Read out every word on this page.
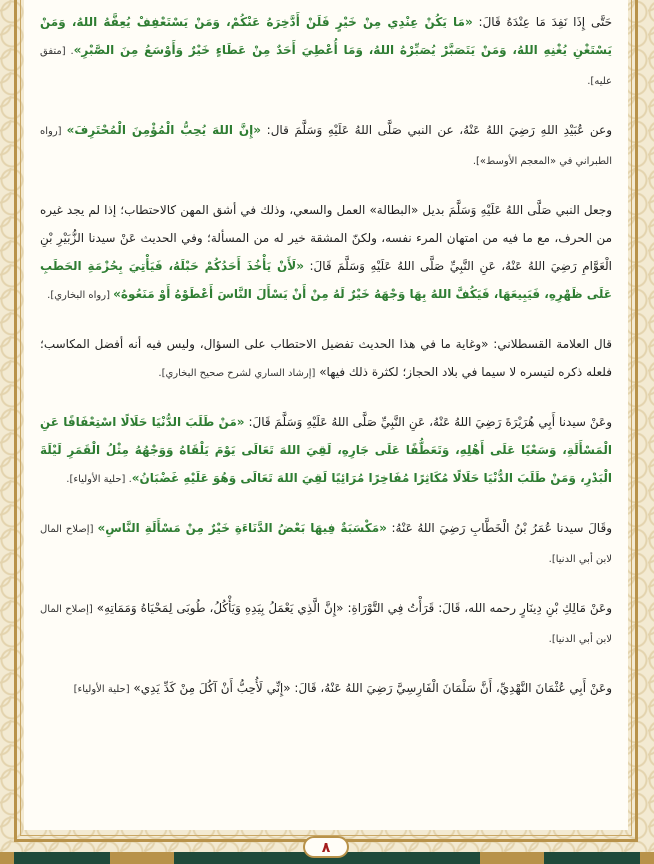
حَتَّى إِذَا نَفِدَ مَا عِنْدَهُ قَالَ: «مَا يَكُنْ عِنْدِي مِنْ خَيْرٍ فَلَنْ أَدَّخِرَهُ عَنْكُمْ، وَمَنْ يَسْتَعْفِفْ يُعِفَّهُ اللهُ، وَمَنْ يَسْتَغْنِ يُغْنِهِ اللهُ، وَمَنْ يَتَصَبَّرْ يُصَبِّرْهُ اللهُ، وَمَا أُعْطِيَ أَحَدٌ مِنْ عَطَاءٍ خَيْرٌ وَأَوْسَعُ مِنَ الصَّبْرِ». [متفق عليه].

وعن عُبَيْدِ اللهِ رَضِيَ اللهُ عَنْهُ، عن النبي صَلَّى اللهُ عَلَيْهِ وَسَلَّمَ قال: «إِنَّ اللهَ يُحِبُّ الْمُؤْمِنَ الْمُحْتَرِفَ» [رواه الطبراني في «المعجم الأوسط»].

وجعل النبي صَلَّى اللهُ عَلَيْهِ وَسَلَّمَ بديل «البطالة» العمل والسعي، وذلك في أشق المهن كالاحتطاب؛ إذا لم يجد غيره من الحرف، مع ما فيه من امتهان المرء نفسه، ولكنّ المشقة خير له من المسألة؛ وفي الحديث عَنْ سيدنا الزُّبَيْرِ بْنِ الْعَوَّامِ رَضِيَ اللهُ عَنْهُ، عَنِ النَّبِيِّ صَلَّى اللهُ عَلَيْهِ وَسَلَّمَ قَالَ: «لَأَنْ يَأْخُذَ أَحَدُكُمْ حَبْلَهُ، فَيَأْتِيَ بِحُزْمَةِ الحَطَبِ عَلَى ظَهْرِهِ، فَيَبِيعَهَا، فَيَكُفَّ اللهُ بِهَا وَجْهَهُ خَيْرٌ لَهُ مِنْ أَنْ يَسْأَلَ النَّاسَ أَعْطَوْهُ أَوْ مَنَعُوهُ» [رواه البخاري].

قال العلامة القسطلاني: «وغاية ما في هذا الحديث تفضيل الاحتطاب على السؤال، وليس فيه أنه أفضل المكاسب؛ فلعله ذكره لتيسره لا سيما في بلاد الحجاز؛ لكثرة ذلك فيها» [إرشاد الساري لشرح صحيح البخاري].

وعَنْ سيدنا أَبِي هُرَيْرَةَ رَضِيَ اللهُ عَنْهُ، عَنِ النَّبِيِّ صَلَّى اللهُ عَلَيْهِ وَسَلَّمَ قَالَ: «مَنْ طَلَبَ الدُّنْيَا حَلَالًا اسْتِعْفَافًا عَنِ الْمَسْأَلَةِ، وَسَعْيًا عَلَى أَهْلِهِ، وَتَعَطُّفًا عَلَى جَارِهِ، لَقِيَ اللهَ تَعَالَى يَوْمَ يَلْقَاهُ وَوَجْهُهُ مِثْلُ الْقَمَرِ لَيْلَةَ الْبَدْرِ، وَمَنْ طَلَبَ الدُّنْيَا حَلَالًا مُكَاثِرًا مُفَاخِرًا مُرَائِيًا لَقِيَ اللهَ تَعَالَى وَهُوَ عَلَيْهِ غَضْبَانُ». [حلية الأولياء].

وقَالَ سيدنا عُمَرُ بْنُ الْخَطَّابِ رَضِيَ اللهُ عَنْهُ: «مَكْسَبَةٌ فِيهَا بَعْضُ الدَّنَاءَةِ خَيْرٌ مِنْ مَسْأَلَةِ النَّاسِ» [إصلاح المال لابن أبي الدنيا].

وعَنْ مَالِكِ بْنِ دِينَارٍ رحمه الله، قَالَ: قَرَأْتُ فِي التَّوْرَاةِ: «إِنَّ الَّذِي يَعْمَلُ بِيَدِهِ وَيَأْكُلُ، طُوبَى لِمَحْيَاهُ وَمَمَاتِهِ» [إصلاح المال لابن أبي الدنيا].

وعَنْ أَبِي عُثْمَانَ النَّهْدِيِّ، أَنَّ سَلْمَانَ الْفَارِسِيَّ رَضِيَ اللهُ عَنْهُ، قَالَ: «إِنِّي لَأُحِبُّ أَنْ آكُلَ مِنْ كَدِّ يَدِي» [حلية الأولياء]

٨
